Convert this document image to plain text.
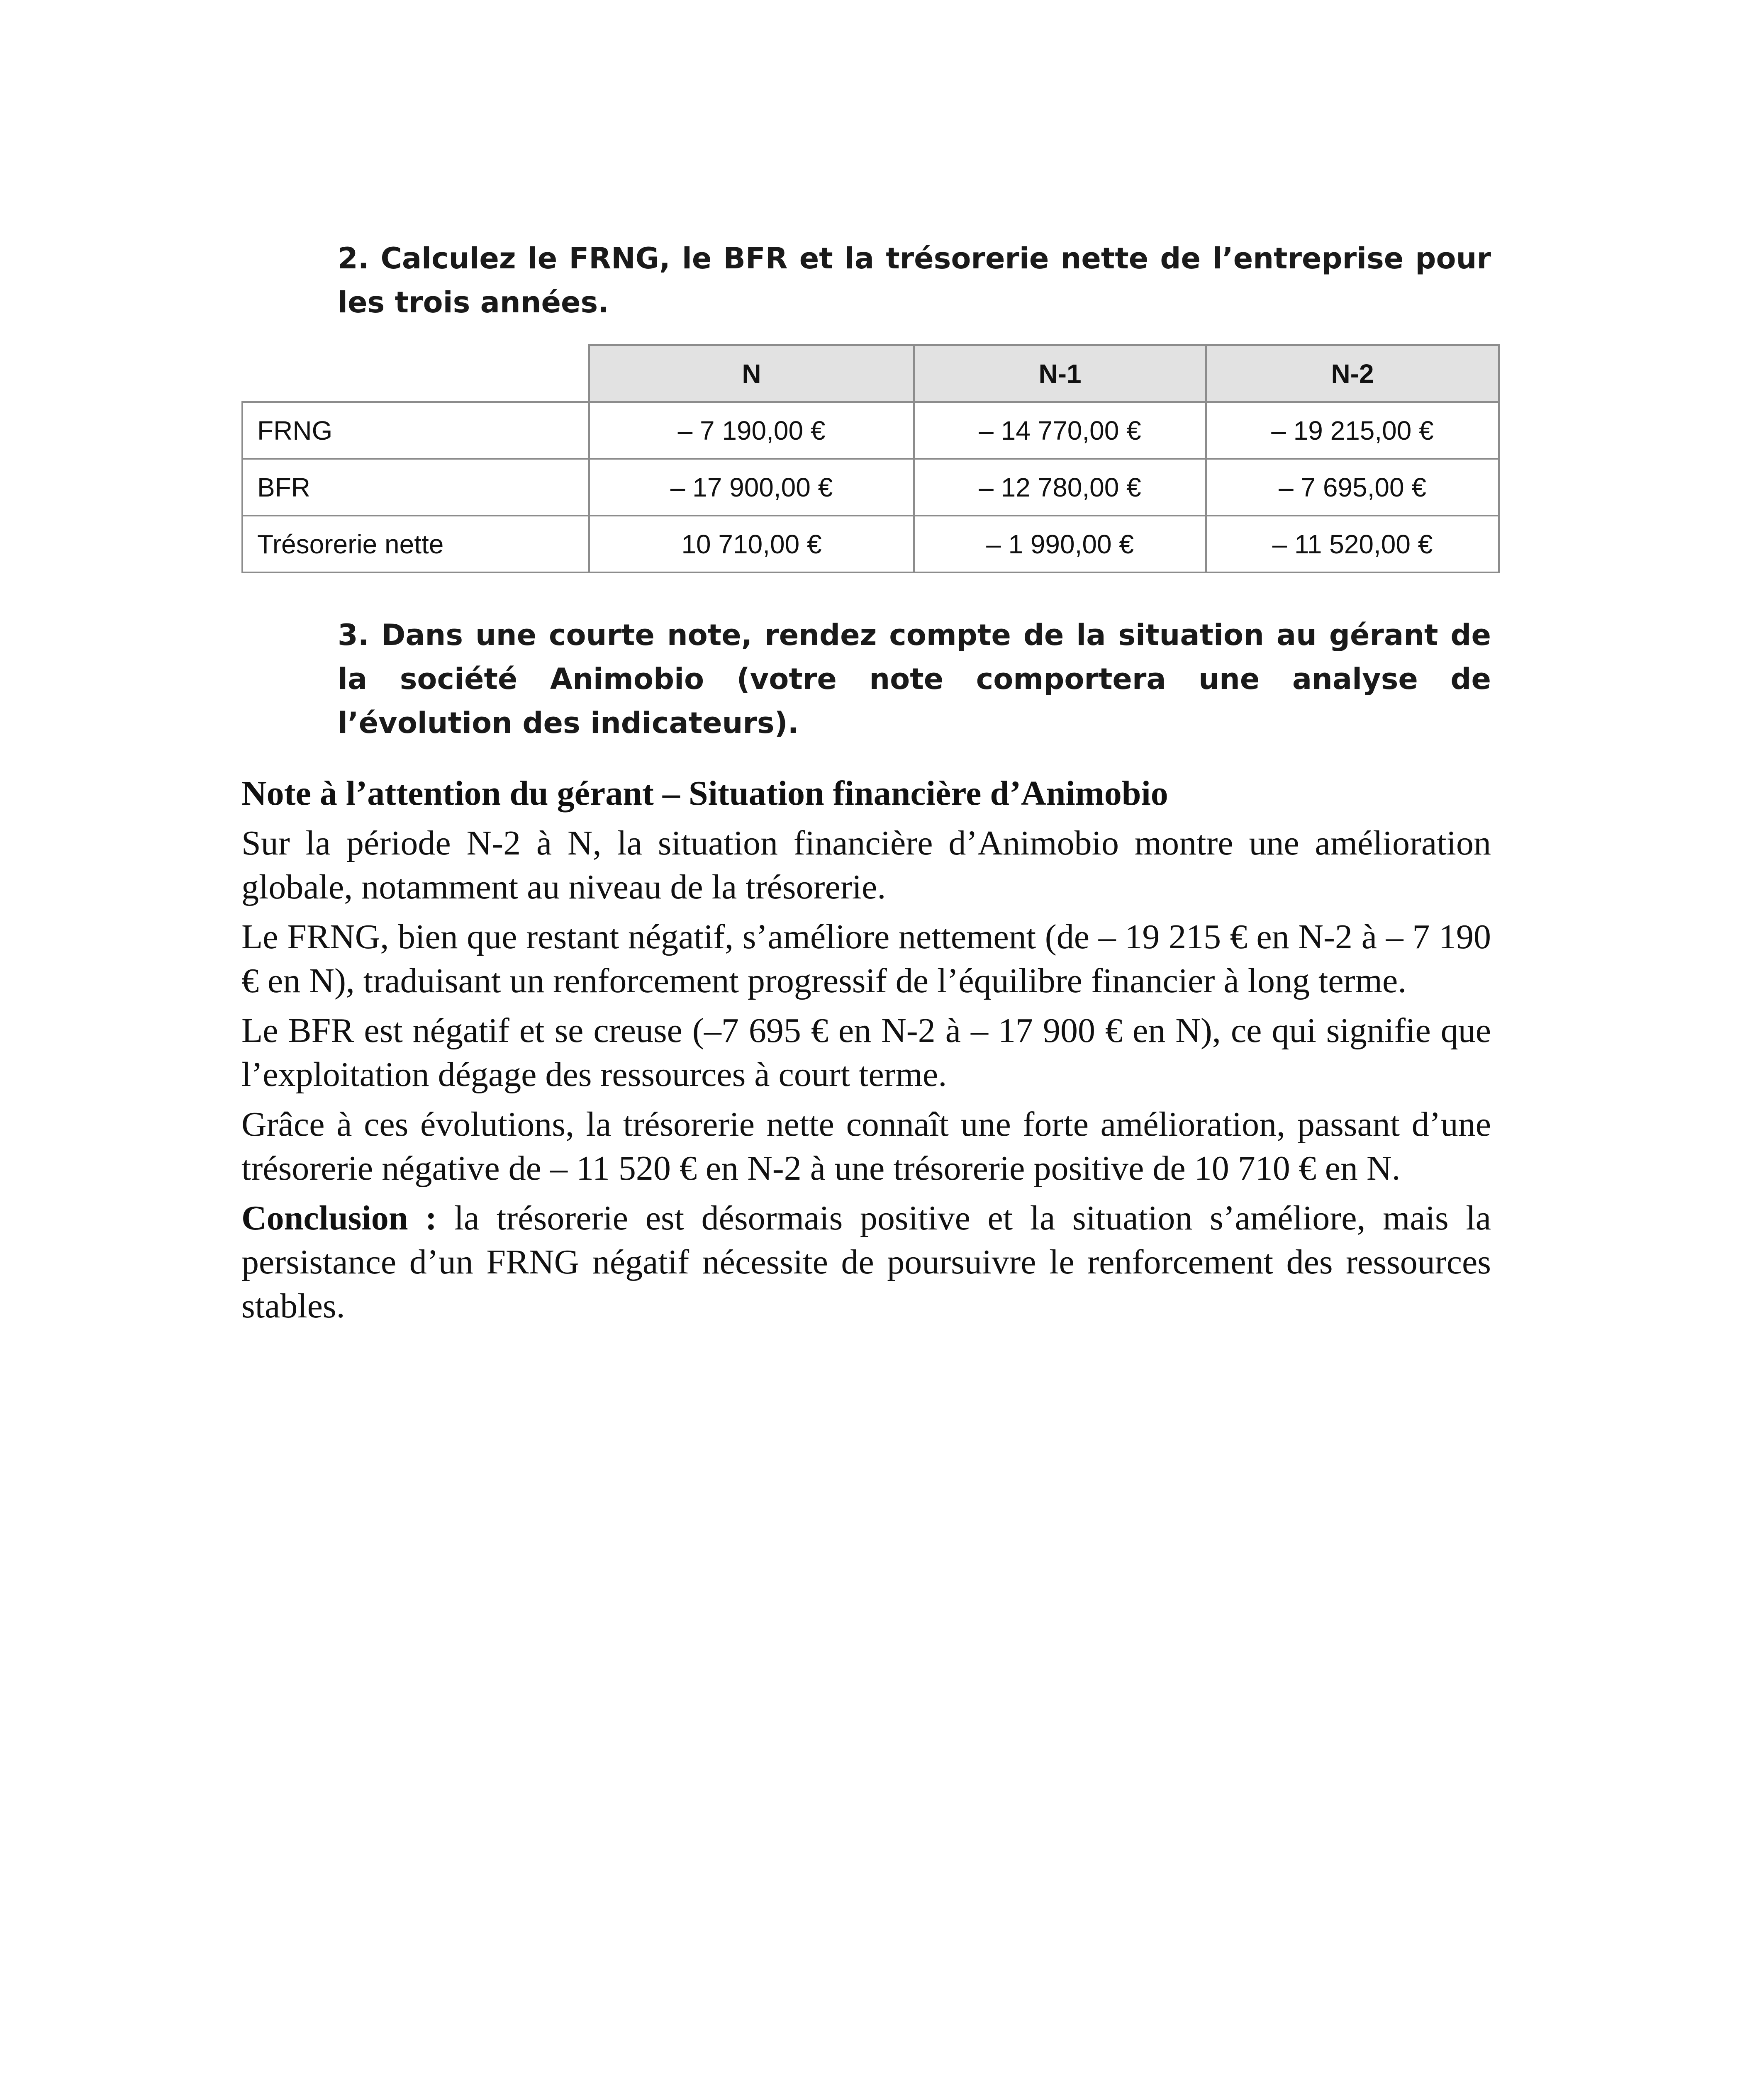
2. Calculez le FRNG, le BFR et la trésorerie nette de l’entreprise pour les trois années.
	N	N-1	N-2
FRNG	– 7 190,00 €	– 14 770,00 €	– 19 215,00 €
BFR	– 17 900,00 €	– 12 780,00 €	– 7 695,00 €
Trésorerie nette	10 710,00 €	– 1 990,00 €	– 11 520,00 €
3. Dans une courte note, rendez compte de la situation au gérant de la société Animobio (votre note comportera une analyse de l’évolution des indicateurs).
Note à l’attention du gérant – Situation financière d’Animobio

Sur la période N-2 à N, la situation financière d’Animobio montre une amélioration globale, notamment au niveau de la trésorerie.

Le FRNG, bien que restant négatif, s’améliore nettement (de – 19 215 € en N-2 à – 7 190 € en N), traduisant un renforcement progressif de l’équilibre financier à long terme.

Le BFR est négatif et se creuse (–7 695 € en N-2 à – 17 900 € en N), ce qui signifie que l’exploitation dégage des ressources à court terme.

Grâce à ces évolutions, la trésorerie nette connaît une forte amélioration, passant d’une trésorerie négative de – 11 520 € en N-2 à une trésorerie positive de 10 710 € en N.

Conclusion : la trésorerie est désormais positive et la situation s’améliore, mais la persistance d’un FRNG négatif nécessite de poursuivre le renforcement des ressources stables.
